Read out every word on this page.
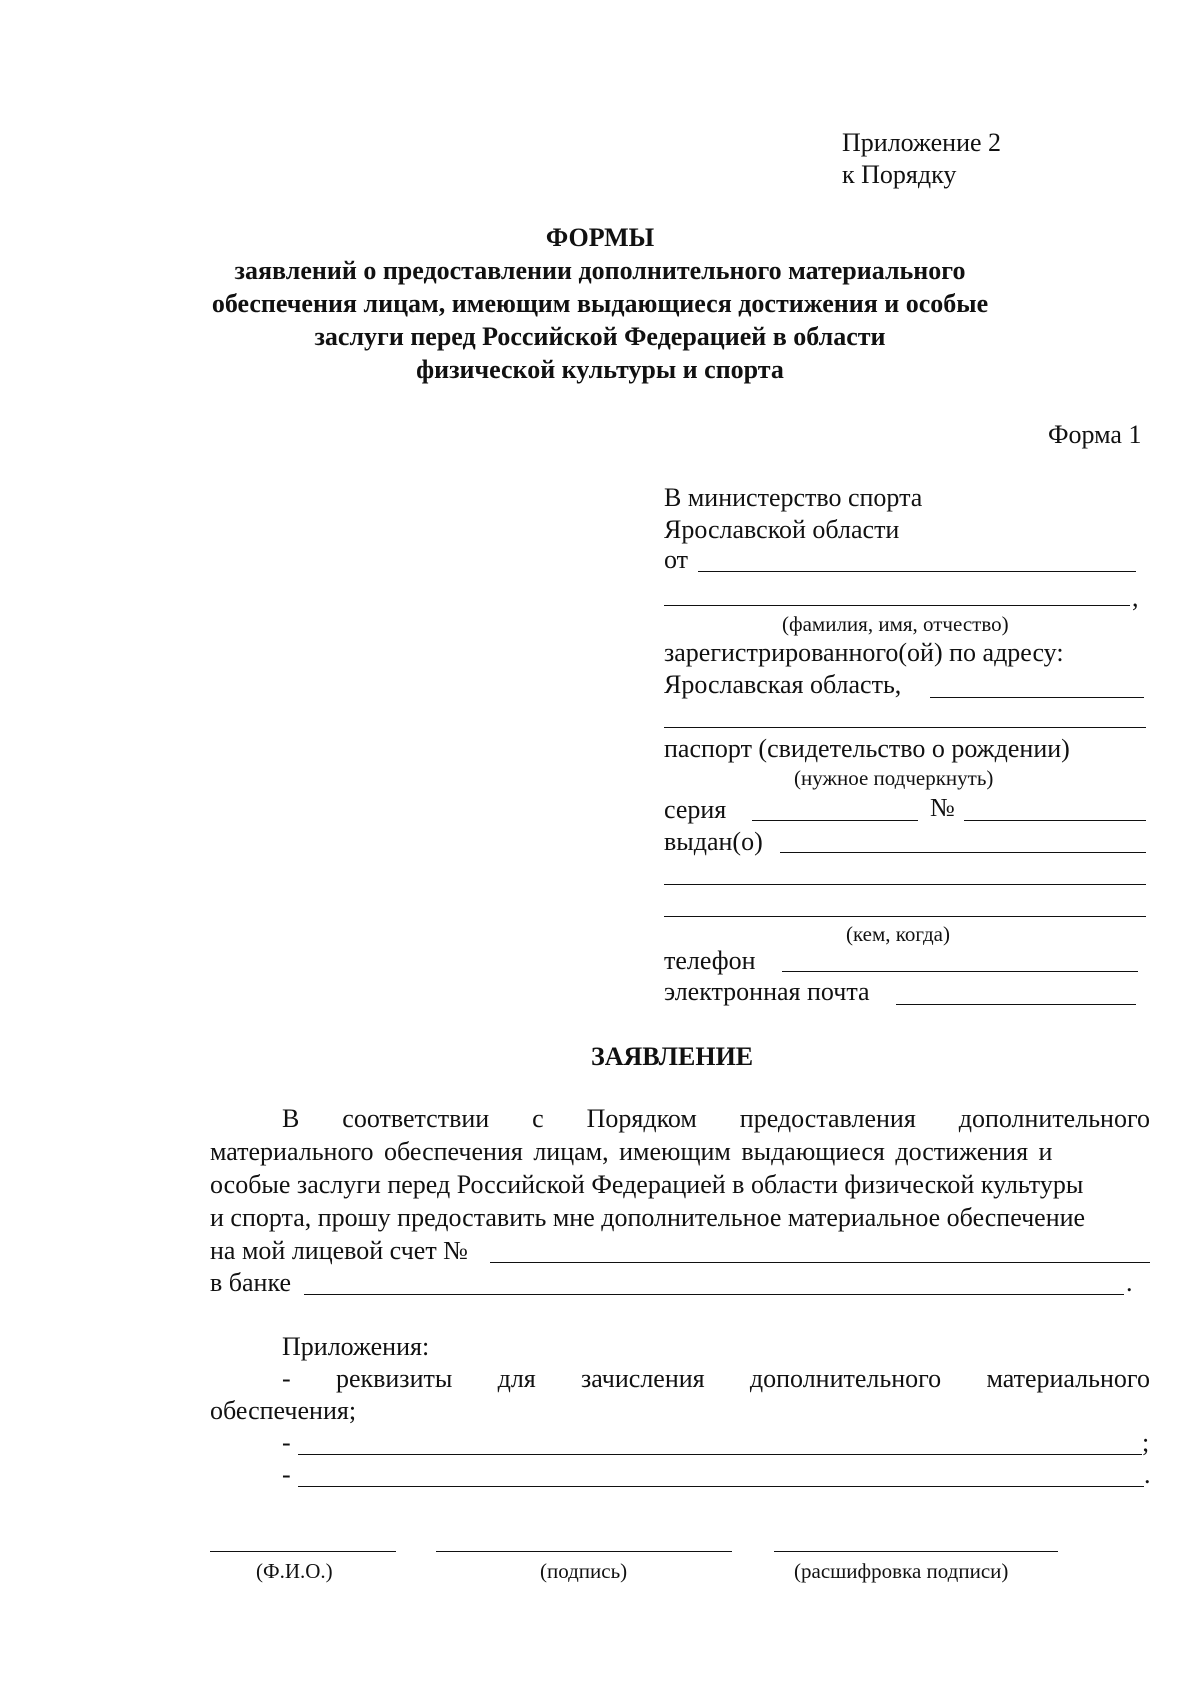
Приложение 2
к Порядку
ФОРМЫ
заявлений о предоставлении дополнительного материального
обеспечения лицам, имеющим выдающиеся достижения и особые
заслуги перед Российской Федерацией в области
физической культуры и спорта
Форма 1
В министерство спорта
Ярославской области
от
,
(фамилия, имя, отчество)
зарегистрированного(ой) по адресу:
Ярославская область,
паспорт (свидетельство о рождении)
(нужное подчеркнуть)
серия	№
выдан(о)
(кем, когда)
телефон
электронная почта
ЗАЯВЛЕНИЕ
В соответствии с Порядком предоставления дополнительного
материального обеспечения лицам, имеющим выдающиеся достижения и
особые заслуги перед Российской Федерацией в области физической культуры
и спорта, прошу предоставить мне дополнительное материальное обеспечение
на мой лицевой счет №
в банке	.
Приложения:
- реквизиты для зачисления дополнительного материального
обеспечения;
-	;
-	.
(Ф.И.О.)	(подпись)	(расшифровка подписи)
